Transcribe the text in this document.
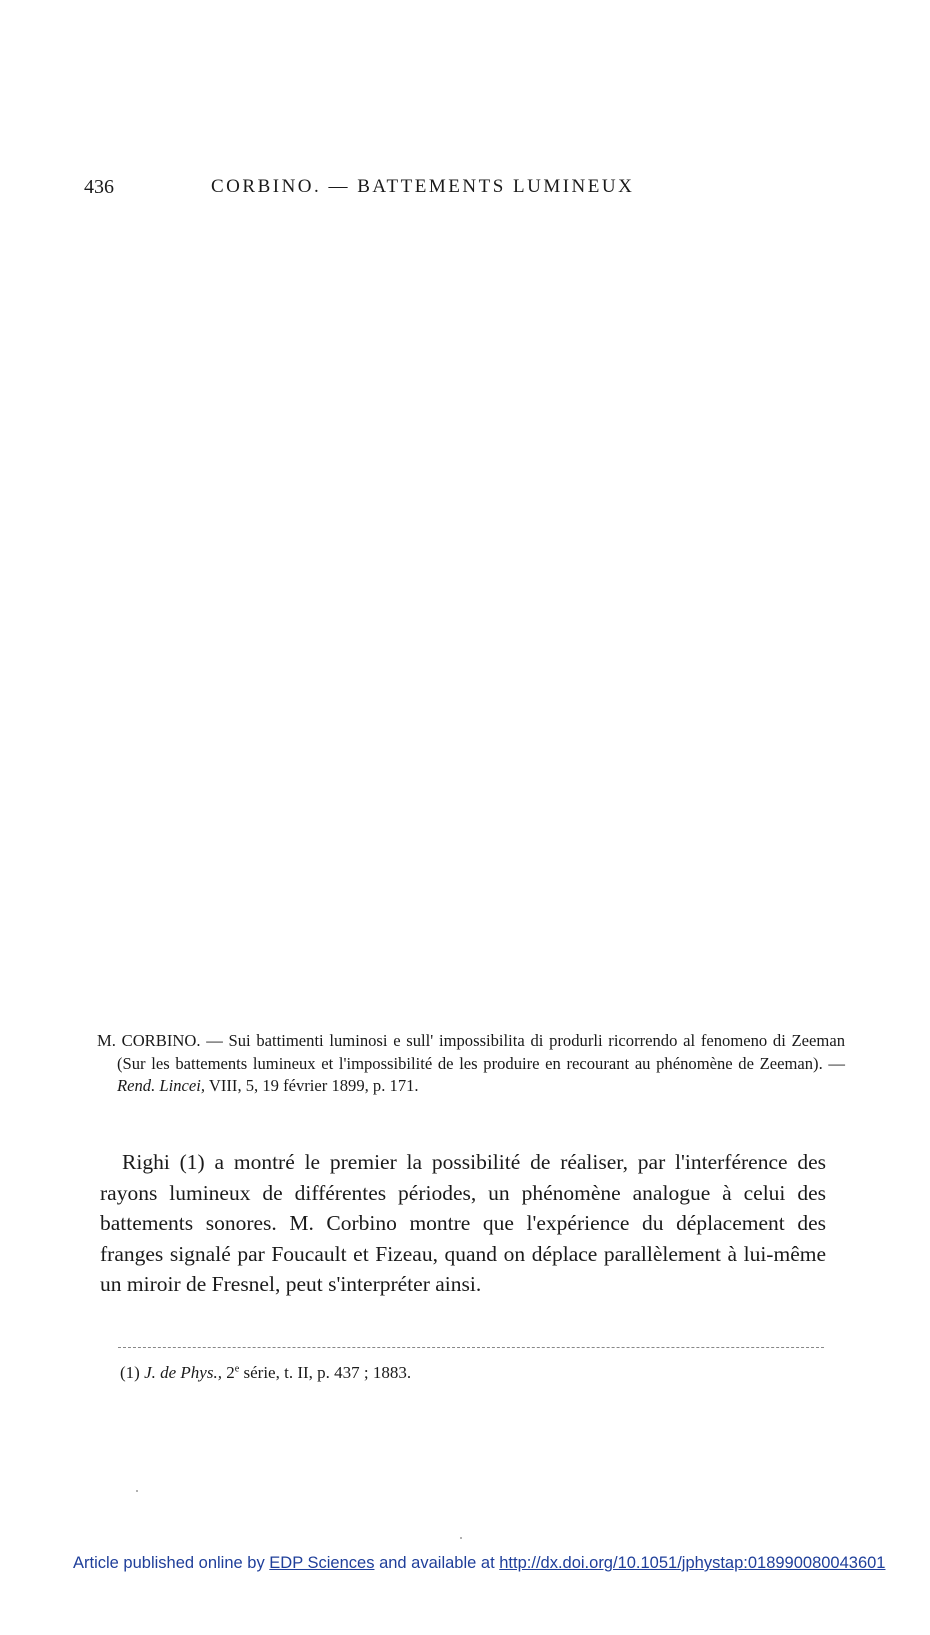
436	CORBINO. — BATTEMENTS LUMINEUX
M. CORBINO. — Sui battimenti luminosi e sull' impossibilita di produrli ricorrendo al fenomeno di Zeeman (Sur les battements lumineux et l'impossibilité de les produire en recourant au phénomène de Zeeman). — Rend. Lincei, VIII, 5, 19 février 1899, p. 171.
Righi (1) a montré le premier la possibilité de réaliser, par l'interférence des rayons lumineux de différentes périodes, un phénomène analogue à celui des battements sonores. M. Corbino montre que l'expérience du déplacement des franges signalé par Foucault et Fizeau, quand on déplace parallèlement à lui-même un miroir de Fresnel, peut s'interpréter ainsi.
(1) J. de Phys., 2e série, t. II, p. 437 ; 1883.
Article published online by EDP Sciences and available at http://dx.doi.org/10.1051/jphystap:018990080043601
